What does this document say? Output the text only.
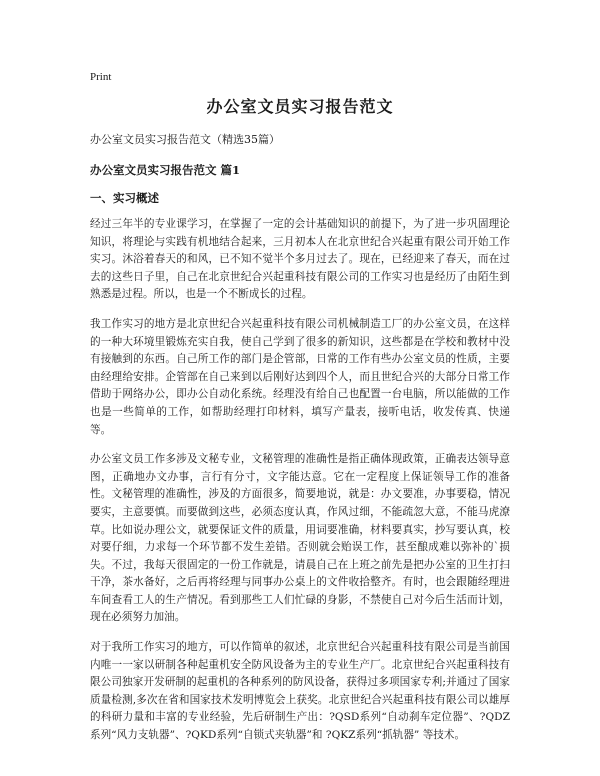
Print
办公室文员实习报告范文
办公室文员实习报告范文（精选35篇）
办公室文员实习报告范文 篇1
一、实习概述

经过三年半的专业课学习，在掌握了一定的会计基础知识的前提下，为了进一步巩固理论知识，将理论与实践有机地结合起来，三月初本人在北京世纪合兴起重有限公司开始工作实习。沐浴着春天的和风，已不知不觉半个多月过去了。现在，已经迎来了春天，而在过去的这些日子里，自己在北京世纪合兴起重科技有限公司的工作实习也是经历了由陌生到熟悉是过程。所以，也是一个不断成长的过程。

我工作实习的地方是北京世纪合兴起重科技有限公司机械制造工厂的办公室文员，在这样的一种大环境里锻炼充实自我，使自己学到了很多的新知识，这些都是在学校和教材中没有接触到的东西。自己所工作的部门是企管部，日常的工作有些办公室文员的性质，主要由经理给安排。企管部在自己来到以后刚好达到四个人，而且世纪合兴的大部分日常工作借助于网络办公，即办公自动化系统。经理没有给自己也配置一台电脑，所以能做的工作也是一些简单的工作，如帮助经理打印材料，填写产量表，接听电话，收发传真、快递等。

办公室文员工作多涉及文秘专业，文秘管理的准确性是指正确体现政策，正确表达领导意图，正确地办文办事，言行有分寸，文字能达意。它在一定程度上保证领导工作的准备性。文秘管理的准确性，涉及的方面很多，简要地说，就是：办文要准，办事要稳，情况要实，主意要慎。而要做到这些，必须态度认真，作风过细，不能疏忽大意，不能马虎潦草。比如说办理公文，就要保证文件的质量，用词要准确，材料要真实，抄写要认真，校对要仔细，力求每一个环节都不发生差错。否则就会贻误工作，甚至酿成难以弥补的`损失。不过，我每天很固定的一份工作就是，请晨自己在上班之前先是把办公室的卫生打扫干净，茶水备好，之后再将经理与同事办公桌上的文件收拾整齐。有时，也会跟随经理进车间查看工人的生产情况。看到那些工人们忙碌的身影，不禁使自己对今后生活而计划，现在必须努力加油。

对于我所工作实习的地方，可以作简单的叙述，北京世纪合兴起重科技有限公司是当前国内唯一一家以研制各种起重机安全防风设备为主的专业生产厂。北京世纪合兴起重科技有限公司独家开发研制的起重机的各种系列的防风设备，获得过多项国家专利;并通过了国家质量检测,多次在省和国家技术发明博览会上获奖。北京世纪合兴起重科技有限公司以雄厚的科研力量和丰富的专业经验，先后研制生产出：?QSD系列“自动刹车定位器”、?QDZ系列“风力支轨器”、?QKD系列“自锁式夹轨器”和 ?QKZ系列“抓轨器” 等技术。
